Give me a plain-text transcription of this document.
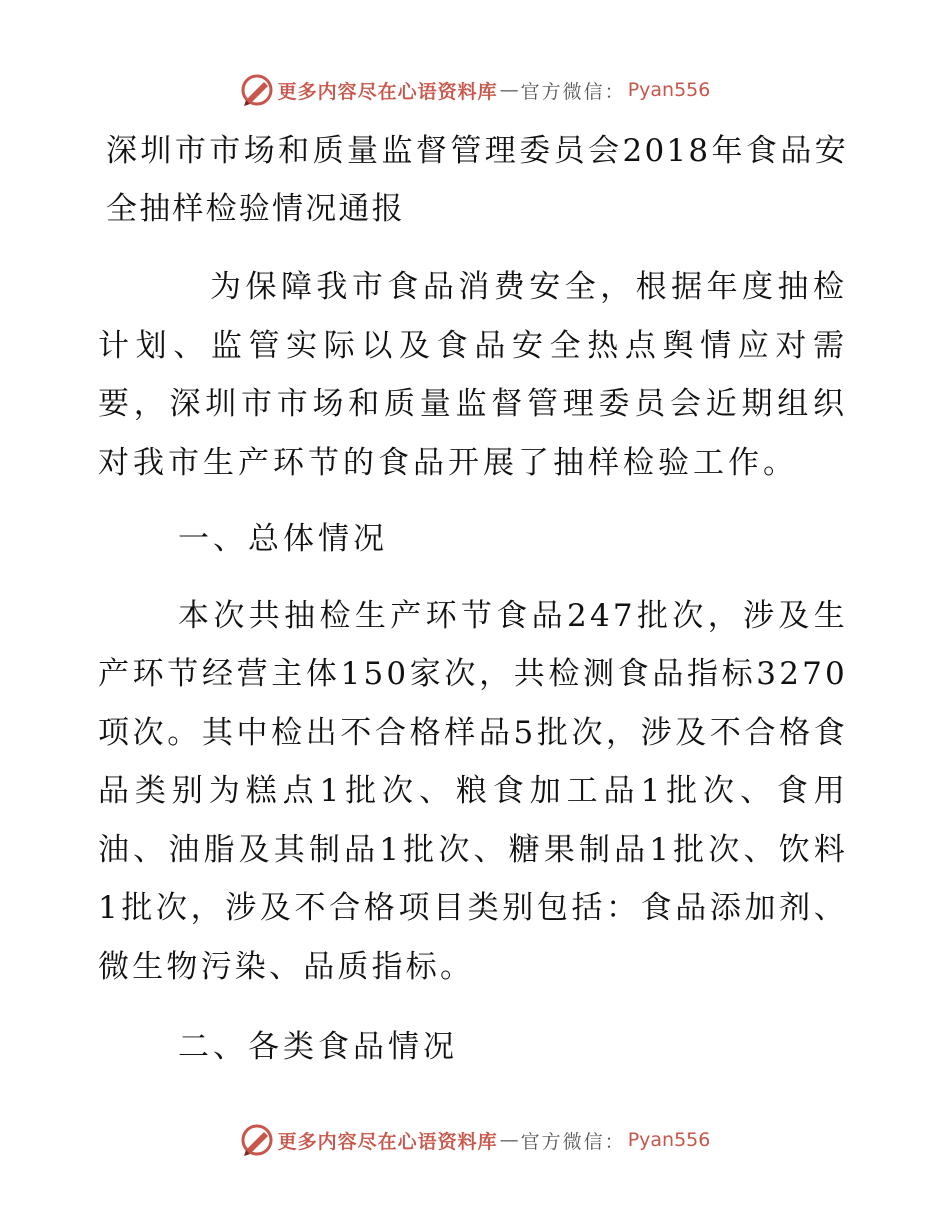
更多内容尽在心语资料库 — 官方微信： Pyan556
深圳市市场和质量监督管理委员会2018年食品安全抽样检验情况通报

为保障我市食品消费安全，根据年度抽检计划、监管实际以及食品安全热点舆情应对需要，深圳市市场和质量监督管理委员会近期组织对我市生产环节的食品开展了抽样检验工作。

一、总体情况

本次共抽检生产环节食品247批次，涉及生产环节经营主体150家次，共检测食品指标3270项次。其中检出不合格样品5批次，涉及不合格食品类别为糕点1批次、粮食加工品1批次、食用油、油脂及其制品1批次、糖果制品1批次、饮料1批次，涉及不合格项目类别包括：食品添加剂、微生物污染、品质指标。

二、各类食品情况

更多内容尽在心语资料库 — 官方微信： Pyan556
